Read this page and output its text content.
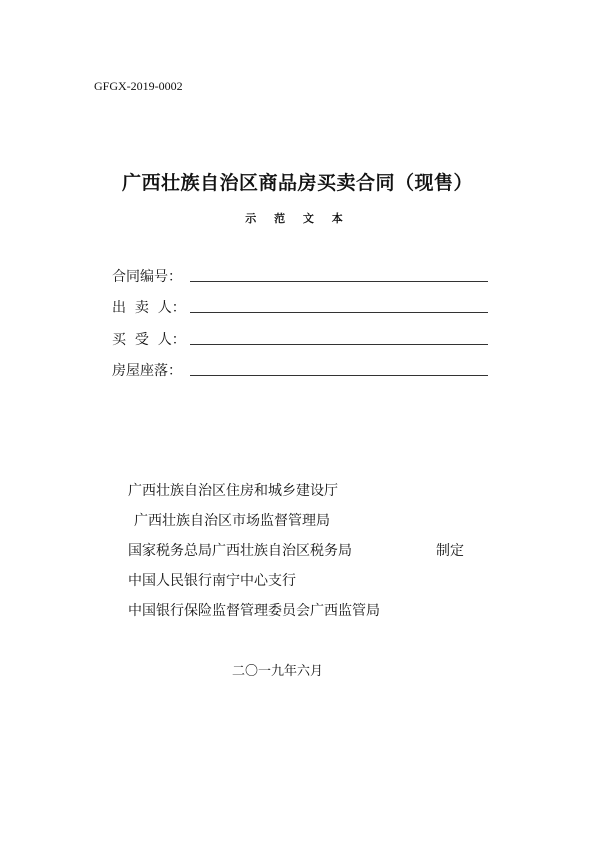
GFGX-2019-0002
广西壮族自治区商品房买卖合同（现售）
示 范 文 本
合同编号：
出  卖  人：
买  受  人：
房屋座落：
广西壮族自治区住房和城乡建设厅
广西壮族自治区市场监督管理局
国家税务总局广西壮族自治区税务局	制定
中国人民银行南宁中心支行
中国银行保险监督管理委员会广西监管局
二〇一九年六月
